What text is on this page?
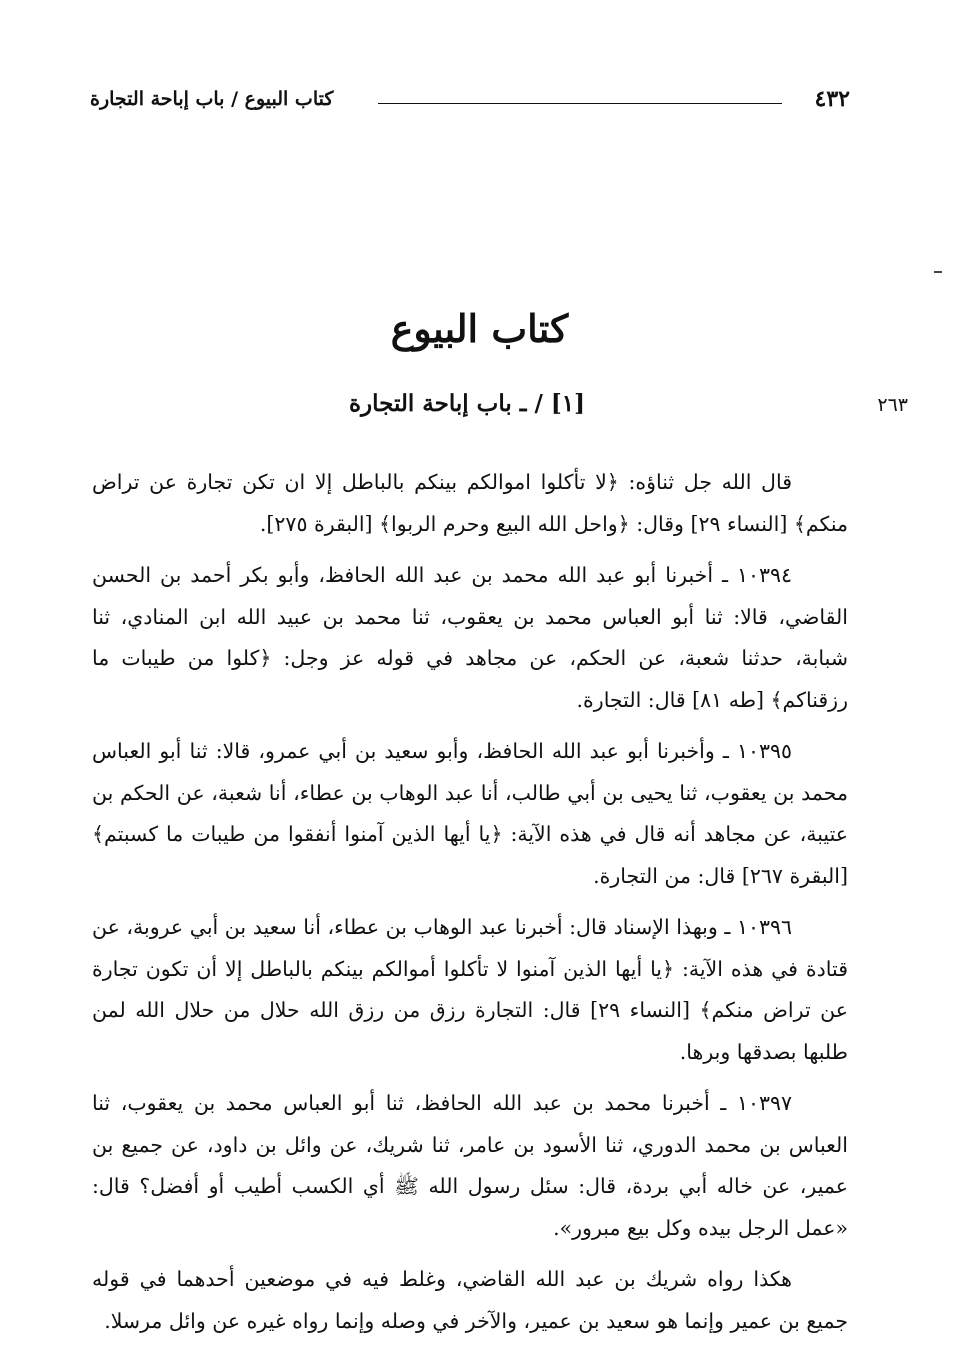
٤٣٢
كتاب البيوع / باب إباحة التجارة
كتاب البيوع
٢٦٣
[١] / ـ باب إباحة التجارة

قال الله جل ثناؤه: ﴿لا تأكلوا اموالكم بينكم بالباطل إلا ان تكن تجارة عن تراض منكم﴾ [النساء ٢٩] وقال: ﴿واحل الله البيع وحرم الربوا﴾ [البقرة ٢٧٥].

١٠٣٩٤ ـ أخبرنا أبو عبد الله محمد بن عبد الله الحافظ، وأبو بكر أحمد بن الحسن القاضي، قالا: ثنا أبو العباس محمد بن يعقوب، ثنا محمد بن عبيد الله ابن المنادي، ثنا شبابة، حدثنا شعبة، عن الحكم، عن مجاهد في قوله عز وجل: ﴿كلوا من طيبات ما رزقناكم﴾ [طه ٨١] قال: التجارة.

١٠٣٩٥ ـ وأخبرنا أبو عبد الله الحافظ، وأبو سعيد بن أبي عمرو، قالا: ثنا أبو العباس محمد بن يعقوب، ثنا يحيى بن أبي طالب، أنا عبد الوهاب بن عطاء، أنا شعبة، عن الحكم بن عتيبة، عن مجاهد أنه قال في هذه الآية: ﴿يا أيها الذين آمنوا أنفقوا من طيبات ما كسبتم﴾ [البقرة ٢٦٧] قال: من التجارة.

١٠٣٩٦ ـ وبهذا الإسناد قال: أخبرنا عبد الوهاب بن عطاء، أنا سعيد بن أبي عروبة، عن قتادة في هذه الآية: ﴿يا أيها الذين آمنوا لا تأكلوا أموالكم بينكم بالباطل إلا أن تكون تجارة عن تراض منكم﴾ [النساء ٢٩] قال: التجارة رزق من رزق الله حلال من حلال الله لمن طلبها بصدقها وبرها.

١٠٣٩٧ ـ أخبرنا محمد بن عبد الله الحافظ، ثنا أبو العباس محمد بن يعقوب، ثنا العباس بن محمد الدوري، ثنا الأسود بن عامر، ثنا شريك، عن وائل بن داود، عن جميع بن عمير، عن خاله أبي بردة، قال: سئل رسول الله ﷺ أي الكسب أطيب أو أفضل؟ قال: «عمل الرجل بيده وكل بيع مبرور».

هكذا رواه شريك بن عبد الله القاضي، وغلط فيه في موضعين أحدهما في قوله جميع بن عمير وإنما هو سعيد بن عمير، والآخر في وصله وإنما رواه غيره عن وائل مرسلا.
